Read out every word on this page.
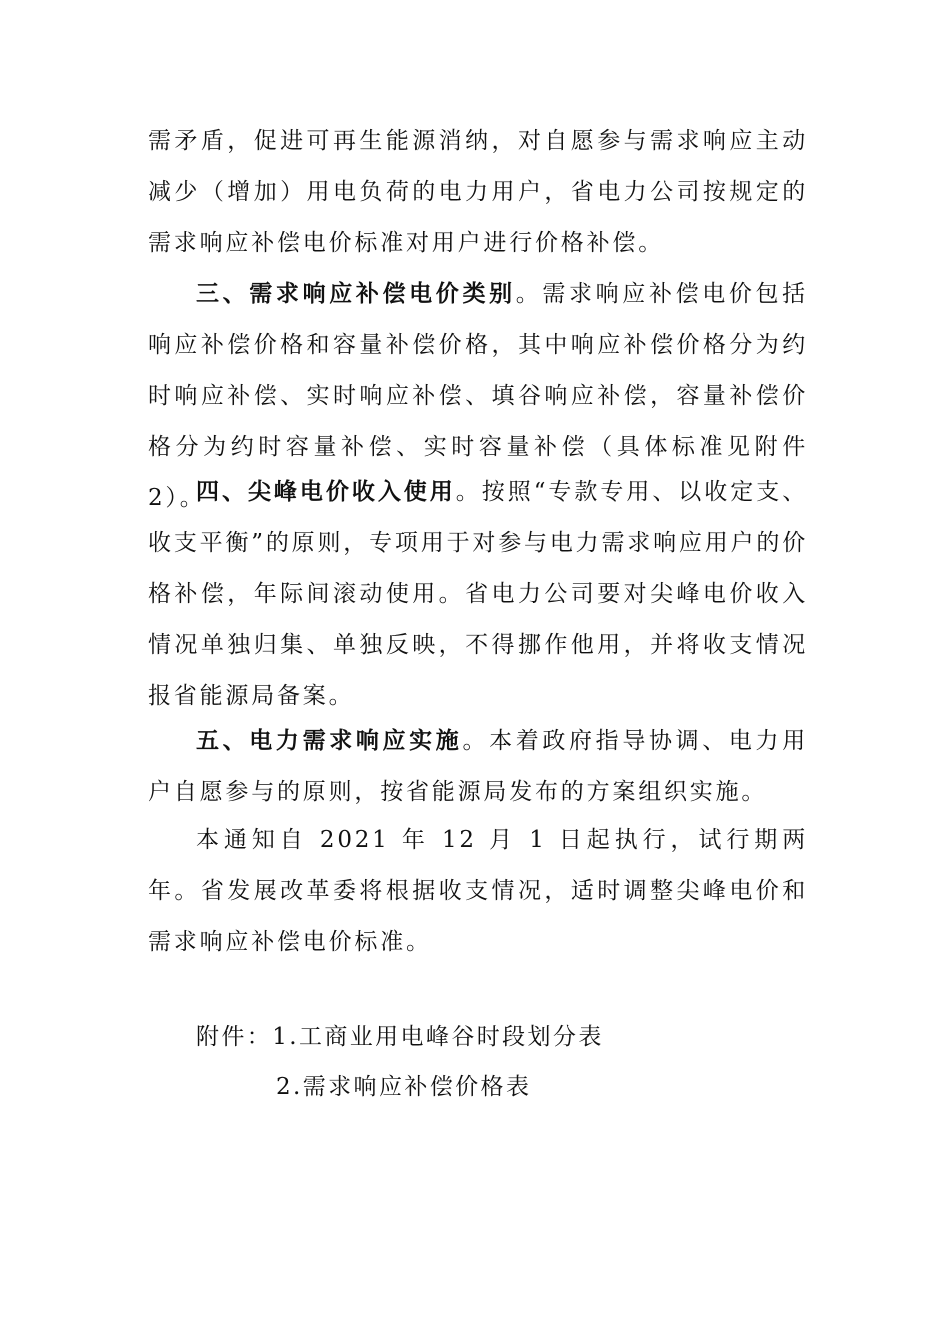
需矛盾，促进可再生能源消纳，对自愿参与需求响应主动减少（增加）用电负荷的电力用户，省电力公司按规定的需求响应补偿电价标准对用户进行价格补偿。

三、需求响应补偿电价类别。需求响应补偿电价包括响应补偿价格和容量补偿价格，其中响应补偿价格分为约时响应补偿、实时响应补偿、填谷响应补偿，容量补偿价格分为约时容量补偿、实时容量补偿（具体标准见附件 2）。

四、尖峰电价收入使用。按照“专款专用、以收定支、收支平衡”的原则，专项用于对参与电力需求响应用户的价格补偿，年际间滚动使用。省电力公司要对尖峰电价收入情况单独归集、单独反映，不得挪作他用，并将收支情况报省能源局备案。

五、电力需求响应实施。本着政府指导协调、电力用户自愿参与的原则，按省能源局发布的方案组织实施。

本通知自 2021 年 12 月 1 日起执行，试行期两年。省发展改革委将根据收支情况，适时调整尖峰电价和需求响应补偿电价标准。

附件：1.工商业用电峰谷时段划分表
2.需求响应补偿价格表
